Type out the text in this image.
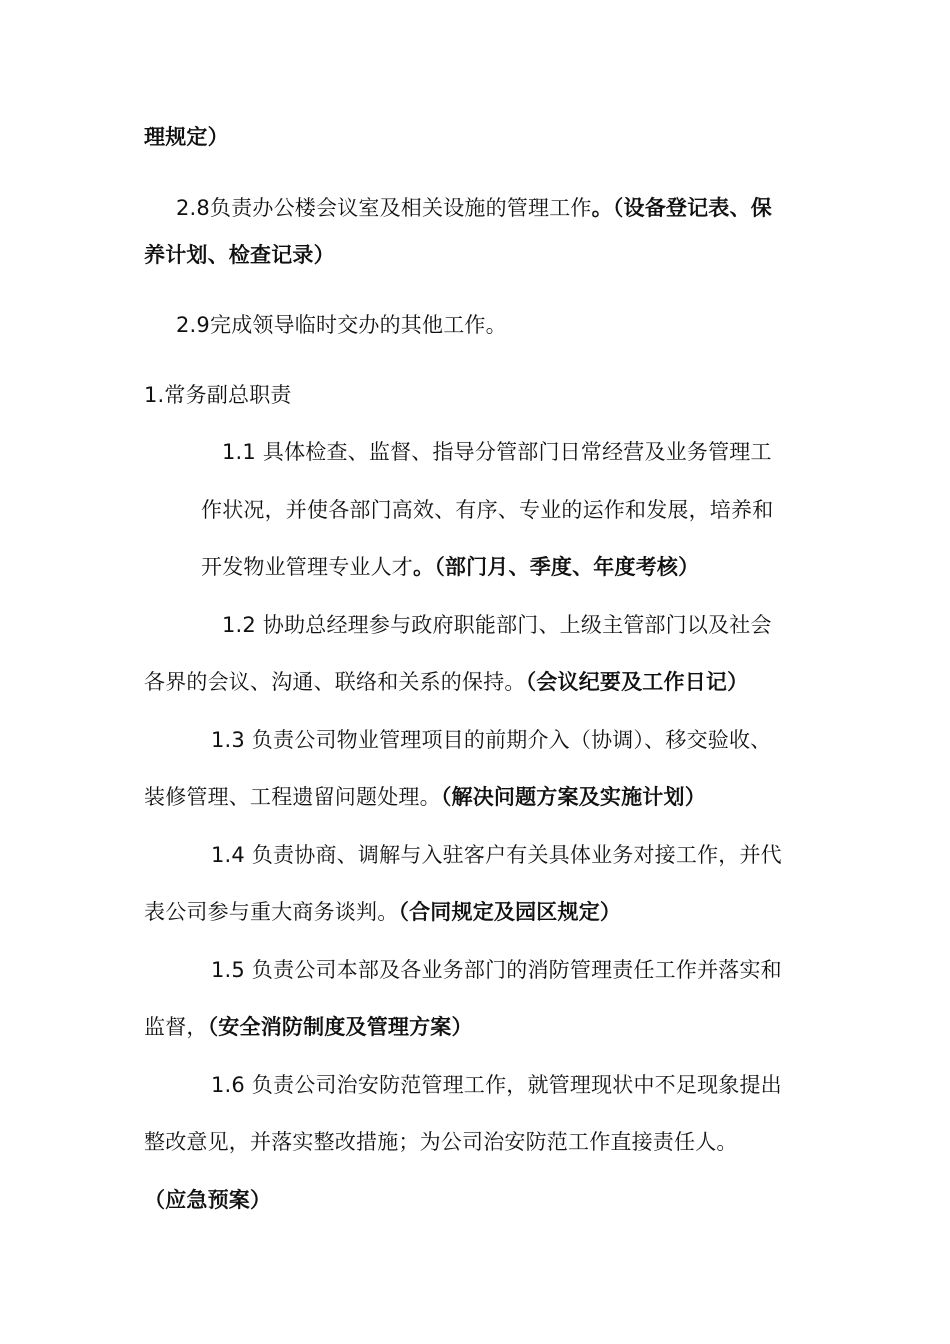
理规定）
2.8负责办公楼会议室及相关设施的管理工作。（设备登记表、保
养计划、检查记录）
2.9完成领导临时交办的其他工作。
1.常务副总职责
1.1 具体检查、监督、指导分管部门日常经营及业务管理工
作状况，并使各部门高效、有序、专业的运作和发展，培养和
开发物业管理专业人才。（部门月、季度、年度考核）
1.2 协助总经理参与政府职能部门、上级主管部门以及社会
各界的会议、沟通、联络和关系的保持。（会议纪要及工作日记）
1.3 负责公司物业管理项目的前期介入（协调）、移交验收、
装修管理、工程遗留问题处理。（解决问题方案及实施计划）
1.4 负责协商、调解与入驻客户有关具体业务对接工作，并代
表公司参与重大商务谈判。（合同规定及园区规定）
1.5 负责公司本部及各业务部门的消防管理责任工作并落实和
监督，（安全消防制度及管理方案）
1.6 负责公司治安防范管理工作，就管理现状中不足现象提出
整改意见，并落实整改措施；为公司治安防范工作直接责任人。
（应急预案）
